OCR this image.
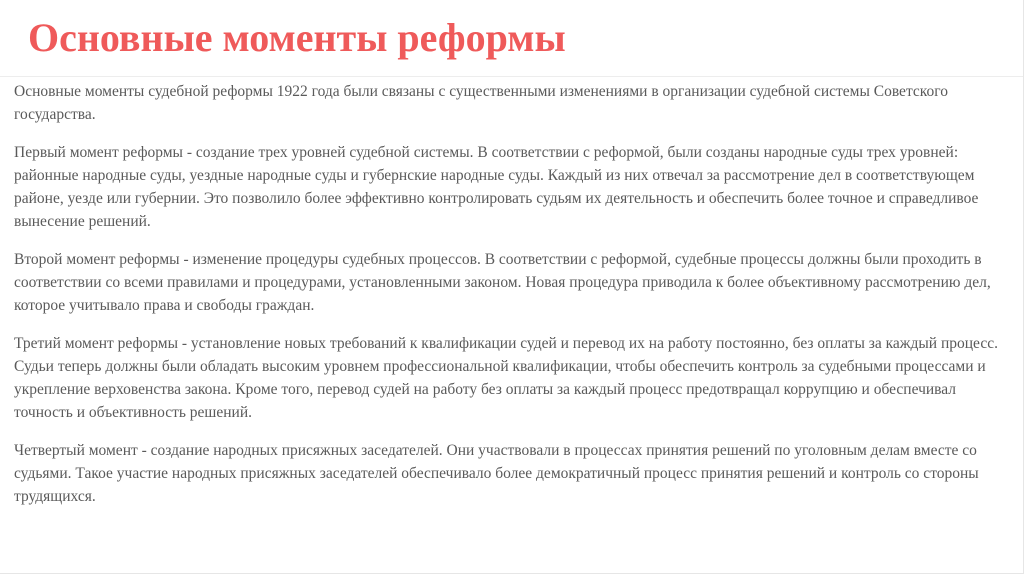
Основные моменты реформы

Основные моменты судебной реформы 1922 года были связаны с существенными изменениями в организации судебной системы Советского государства.

Первый момент реформы - создание трех уровней судебной системы. В соответствии с реформой, были созданы народные суды трех уровней: районные народные суды, уездные народные суды и губернские народные суды. Каждый из них отвечал за рассмотрение дел в соответствующем районе, уезде или губернии. Это позволило более эффективно контролировать судьям их деятельность и обеспечить более точное и справедливое вынесение решений.

Второй момент реформы - изменение процедуры судебных процессов. В соответствии с реформой, судебные процессы должны были проходить в соответствии со всеми правилами и процедурами, установленными законом. Новая процедура приводила к более объективному рассмотрению дел, которое учитывало права и свободы граждан.

Третий момент реформы - установление новых требований к квалификации судей и перевод их на работу постоянно, без оплаты за каждый процесс. Судьи теперь должны были обладать высоким уровнем профессиональной квалификации, чтобы обеспечить контроль за судебными процессами и укрепление верховенства закона. Кроме того, перевод судей на работу без оплаты за каждый процесс предотвращал коррупцию и обеспечивал точность и объективность решений.

Четвертый момент - создание народных присяжных заседателей. Они участвовали в процессах принятия решений по уголовным делам вместе со судьями. Такое участие народных присяжных заседателей обеспечивало более демократичный процесс принятия решений и контроль со стороны трудящихся.
